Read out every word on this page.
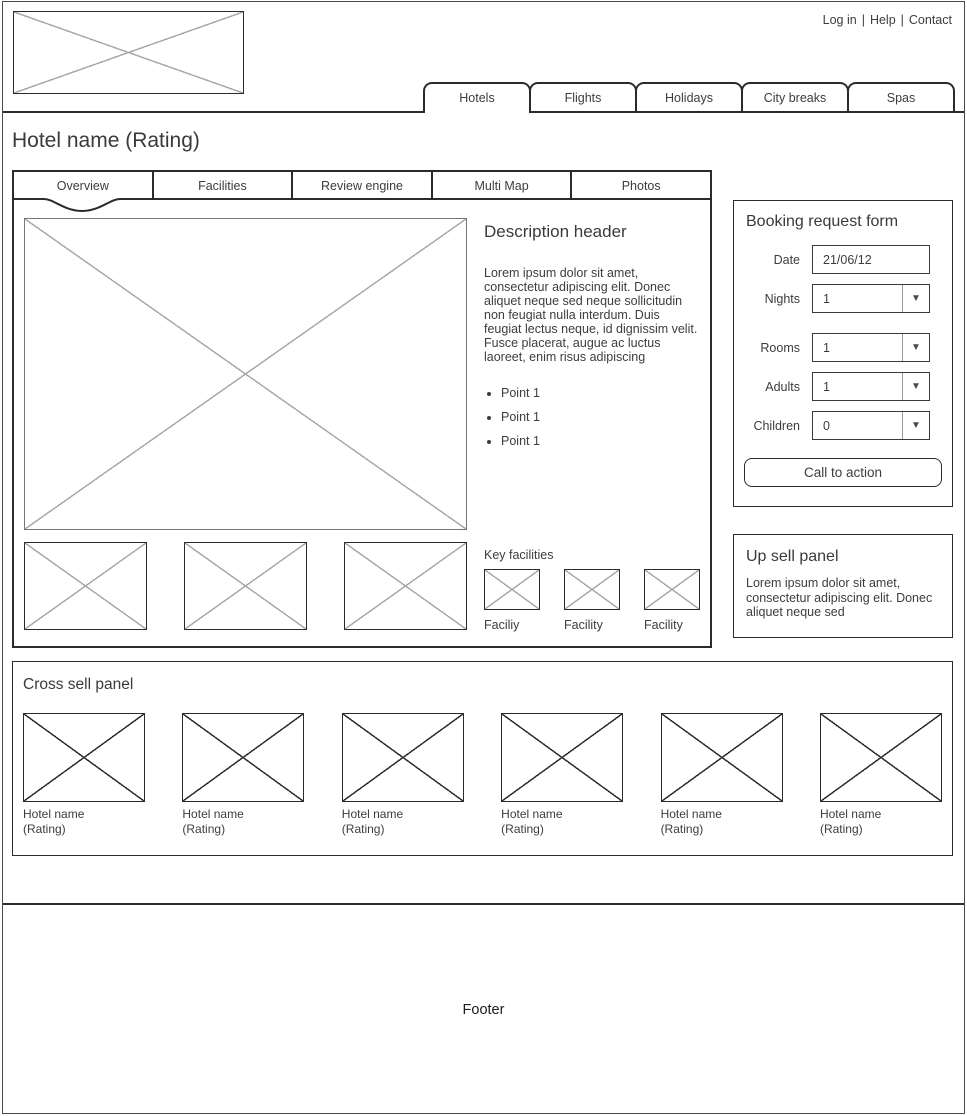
Log in | Help | Contact
Hotels	Flights	Holidays	City breaks	Spas
Hotel name (Rating)
Overview	Facilities	Review engine	Multi Map	Photos
Description header

Lorem ipsum dolor sit amet, consectetur adipiscing elit. Donec aliquet neque sed neque sollicitudin non feugiat nulla interdum. Duis feugiat lectus neque, id dignissim velit. Fusce placerat, augue ac luctus laoreet, enim risus adipiscing

• Point 1
• Point 1
• Point 1
Key facilities
Faciliy	Facility	Facility
Booking request form
Date
21/06/12
Nights	1	▼
Rooms	1	▼
Adults	1	▼
Children	0	▼
Call to action
Up sell panel
Lorem ipsum dolor sit amet, consectetur adipiscing elit. Donec aliquet neque sed
Cross sell panel
Hotel name
(Rating)
Hotel name
(Rating)
Hotel name
(Rating)
Hotel name
(Rating)
Hotel name
(Rating)
Hotel name
(Rating)
Footer
